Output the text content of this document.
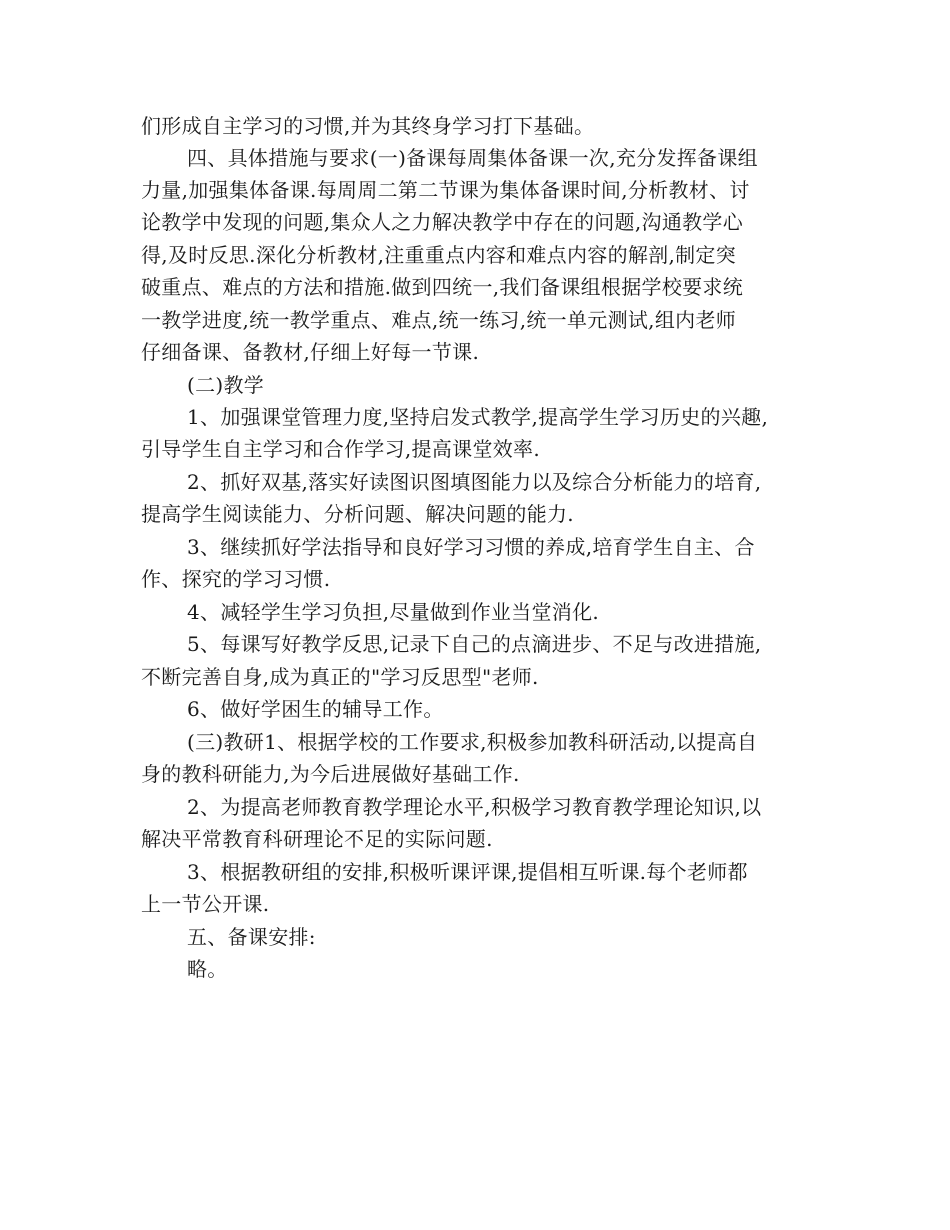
们形成自主学习的习惯,并为其终身学习打下基础。
四、具体措施与要求(一)备课每周集体备课一次,充分发挥备课组
力量,加强集体备课.每周周二第二节课为集体备课时间,分析教材、讨
论教学中发现的问题,集众人之力解决教学中存在的问题,沟通教学心
得,及时反思.深化分析教材,注重重点内容和难点内容的解剖,制定突
破重点、难点的方法和措施.做到四统一,我们备课组根据学校要求统
一教学进度,统一教学重点、难点,统一练习,统一单元测试,组内老师
仔细备课、备教材,仔细上好每一节课.
(二)教学
1、加强课堂管理力度,坚持启发式教学,提高学生学习历史的兴趣,
引导学生自主学习和合作学习,提高课堂效率.
2、抓好双基,落实好读图识图填图能力以及综合分析能力的培育,
提高学生阅读能力、分析问题、解决问题的能力.
3、继续抓好学法指导和良好学习习惯的养成,培育学生自主、合
作、探究的学习习惯.
4、减轻学生学习负担,尽量做到作业当堂消化.
5、每课写好教学反思,记录下自己的点滴进步、不足与改进措施,
不断完善自身,成为真正的"学习反思型"老师.
6、做好学困生的辅导工作。
(三)教研1、根据学校的工作要求,积极参加教科研活动,以提高自
身的教科研能力,为今后进展做好基础工作.
2、为提高老师教育教学理论水平,积极学习教育教学理论知识,以
解决平常教育科研理论不足的实际问题.
3、根据教研组的安排,积极听课评课,提倡相互听课.每个老师都
上一节公开课.
五、备课安排:
略。
